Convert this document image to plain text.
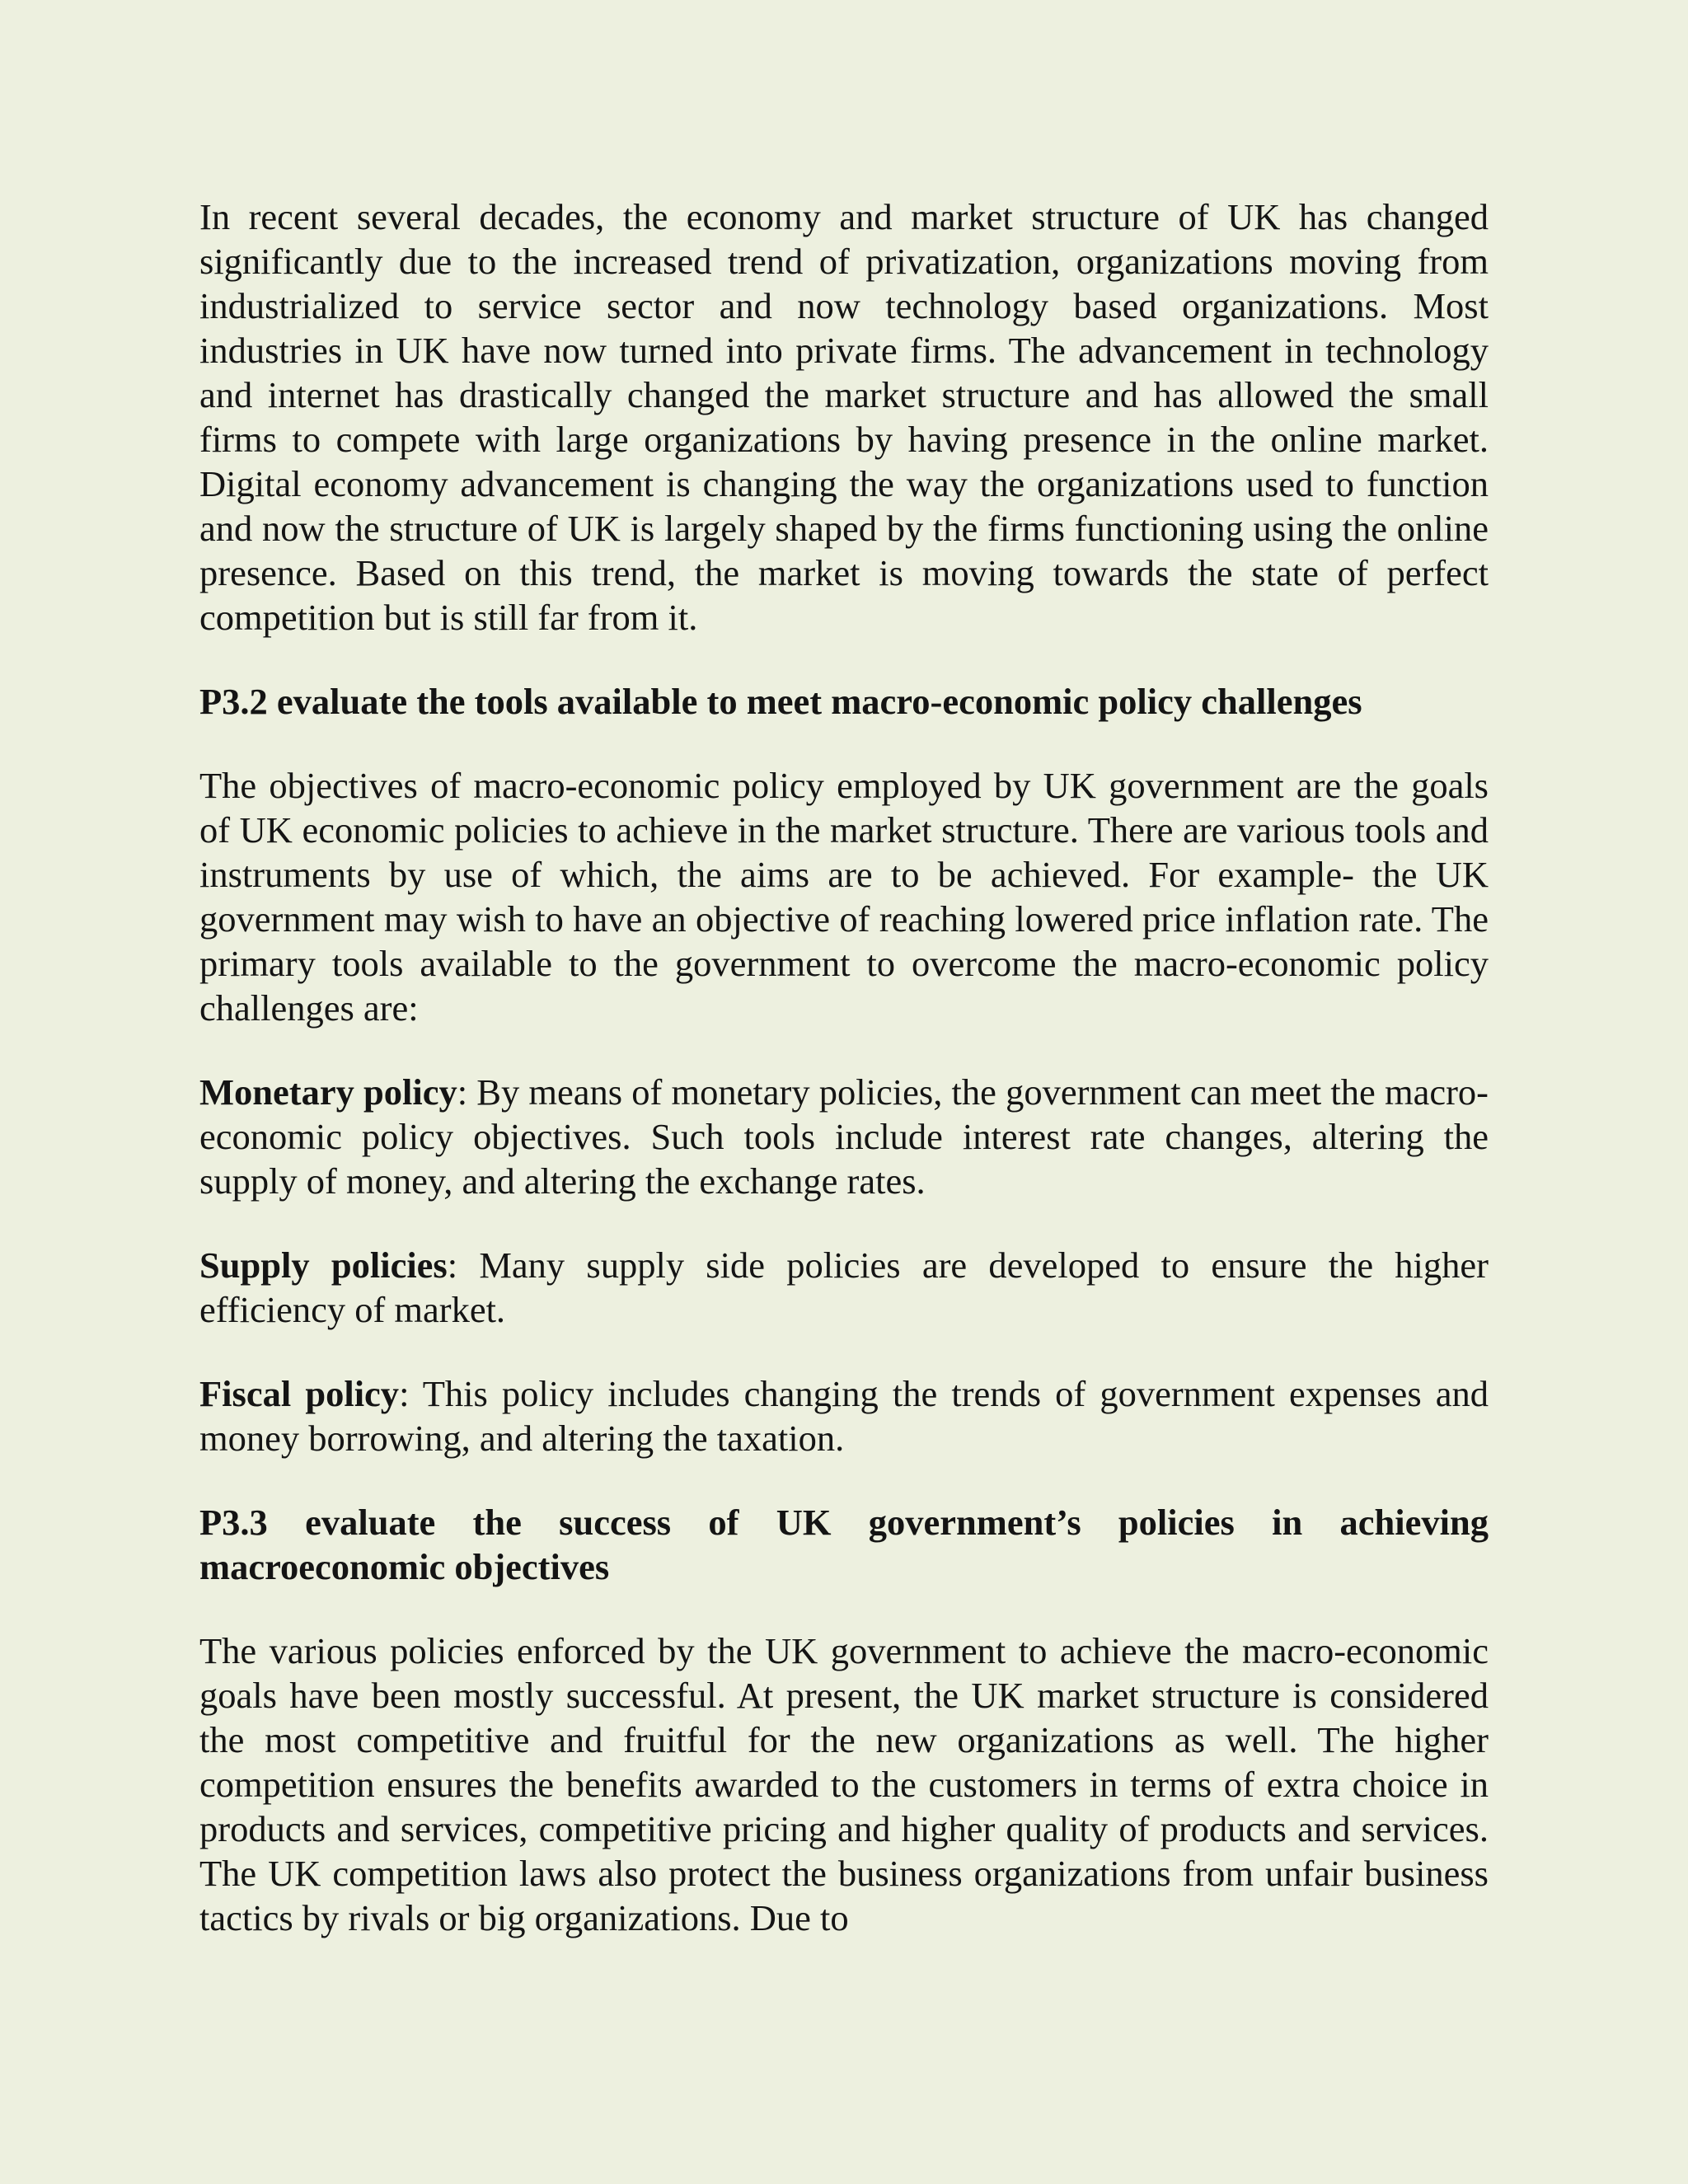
In recent several decades, the economy and market structure of UK has changed significantly due to the increased trend of privatization, organizations moving from industrialized to service sector and now technology based organizations. Most industries in UK have now turned into private firms. The advancement in technology and internet has drastically changed the market structure and has allowed the small firms to compete with large organizations by having presence in the online market. Digital economy advancement is changing the way the organizations used to function and now the structure of UK is largely shaped by the firms functioning using the online presence. Based on this trend, the market is moving towards the state of perfect competition but is still far from it.

P3.2 evaluate the tools available to meet macro-economic policy challenges

The objectives of macro-economic policy employed by UK government are the goals of UK economic policies to achieve in the market structure. There are various tools and instruments by use of which, the aims are to be achieved. For example- the UK government may wish to have an objective of reaching lowered price inflation rate. The primary tools available to the government to overcome the macro-economic policy challenges are:

Monetary policy: By means of monetary policies, the government can meet the macro-economic policy objectives. Such tools include interest rate changes, altering the supply of money, and altering the exchange rates.

Supply policies: Many supply side policies are developed to ensure the higher efficiency of market.

Fiscal policy: This policy includes changing the trends of government expenses and money borrowing, and altering the taxation.

P3.3 evaluate the success of UK government’s policies in achieving macroeconomic objectives

The various policies enforced by the UK government to achieve the macro-economic goals have been mostly successful. At present, the UK market structure is considered the most competitive and fruitful for the new organizations as well. The higher competition ensures the benefits awarded to the customers in terms of extra choice in products and services, competitive pricing and higher quality of products and services. The UK competition laws also protect the business organizations from unfair business tactics by rivals or big organizations. Due to
